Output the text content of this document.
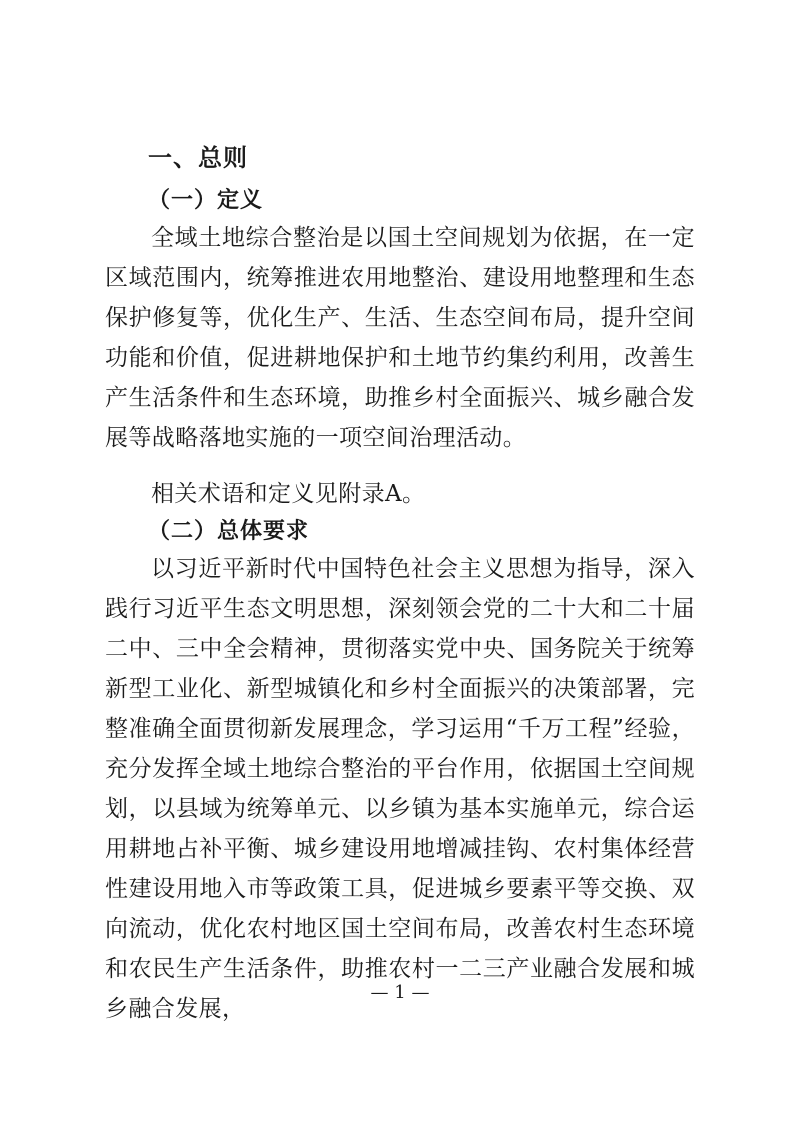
一、总则
（一）定义
全域土地综合整治是以国土空间规划为依据，在一定区域范围内，统筹推进农用地整治、建设用地整理和生态保护修复等，优化生产、生活、生态空间布局，提升空间功能和价值，促进耕地保护和土地节约集约利用，改善生产生活条件和生态环境，助推乡村全面振兴、城乡融合发展等战略落地实施的一项空间治理活动。
相关术语和定义见附录A。
（二）总体要求
以习近平新时代中国特色社会主义思想为指导，深入践行习近平生态文明思想，深刻领会党的二十大和二十届二中、三中全会精神，贯彻落实党中央、国务院关于统筹新型工业化、新型城镇化和乡村全面振兴的决策部署，完整准确全面贯彻新发展理念，学习运用“千万工程”经验，充分发挥全域土地综合整治的平台作用，依据国土空间规划，以县域为统筹单元、以乡镇为基本实施单元，综合运用耕地占补平衡、城乡建设用地增减挂钩、农村集体经营性建设用地入市等政策工具，促进城乡要素平等交换、双向流动，优化农村地区国土空间布局，改善农村生态环境和农民生产生活条件，助推农村一二三产业融合发展和城乡融合发展，
— 1 —
